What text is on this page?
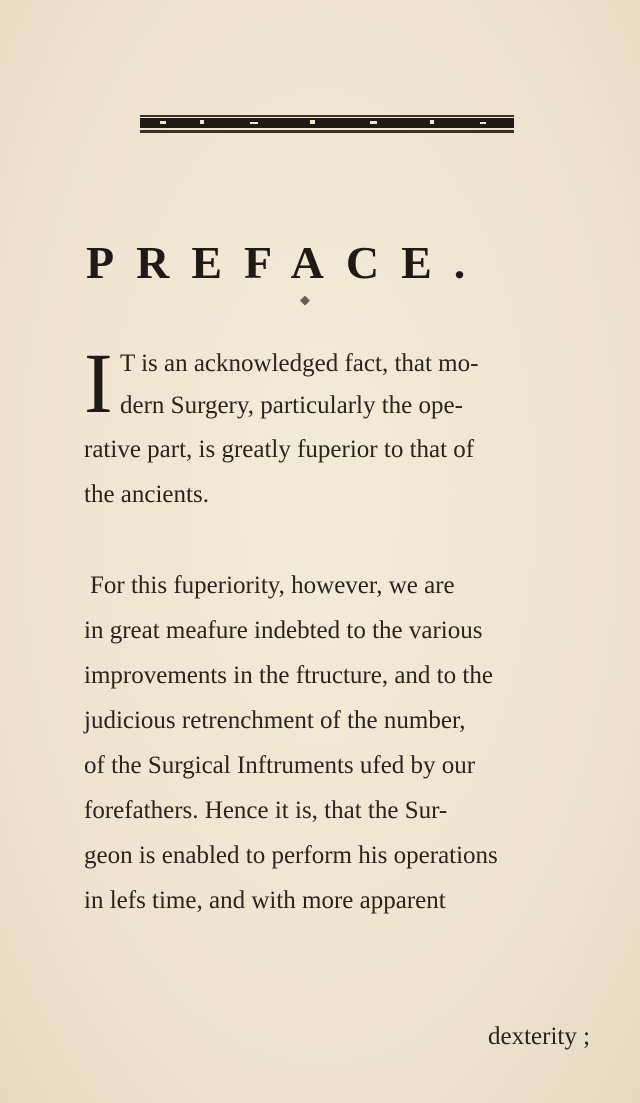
PREFACE.
◆
I T is an acknowledged fact, that mo-
dern Surgery, particularly the ope-
rative part, is greatly fuperior to that of
the ancients.
For this fuperiority, however, we are
in great meafure indebted to the various
improvements in the ftructure, and to the
judicious retrenchment of the number,
of the Surgical Inftruments ufed by our
forefathers. Hence it is, that the Sur-
geon is enabled to perform his operations
in lefs time, and with more apparent
dexterity ;
